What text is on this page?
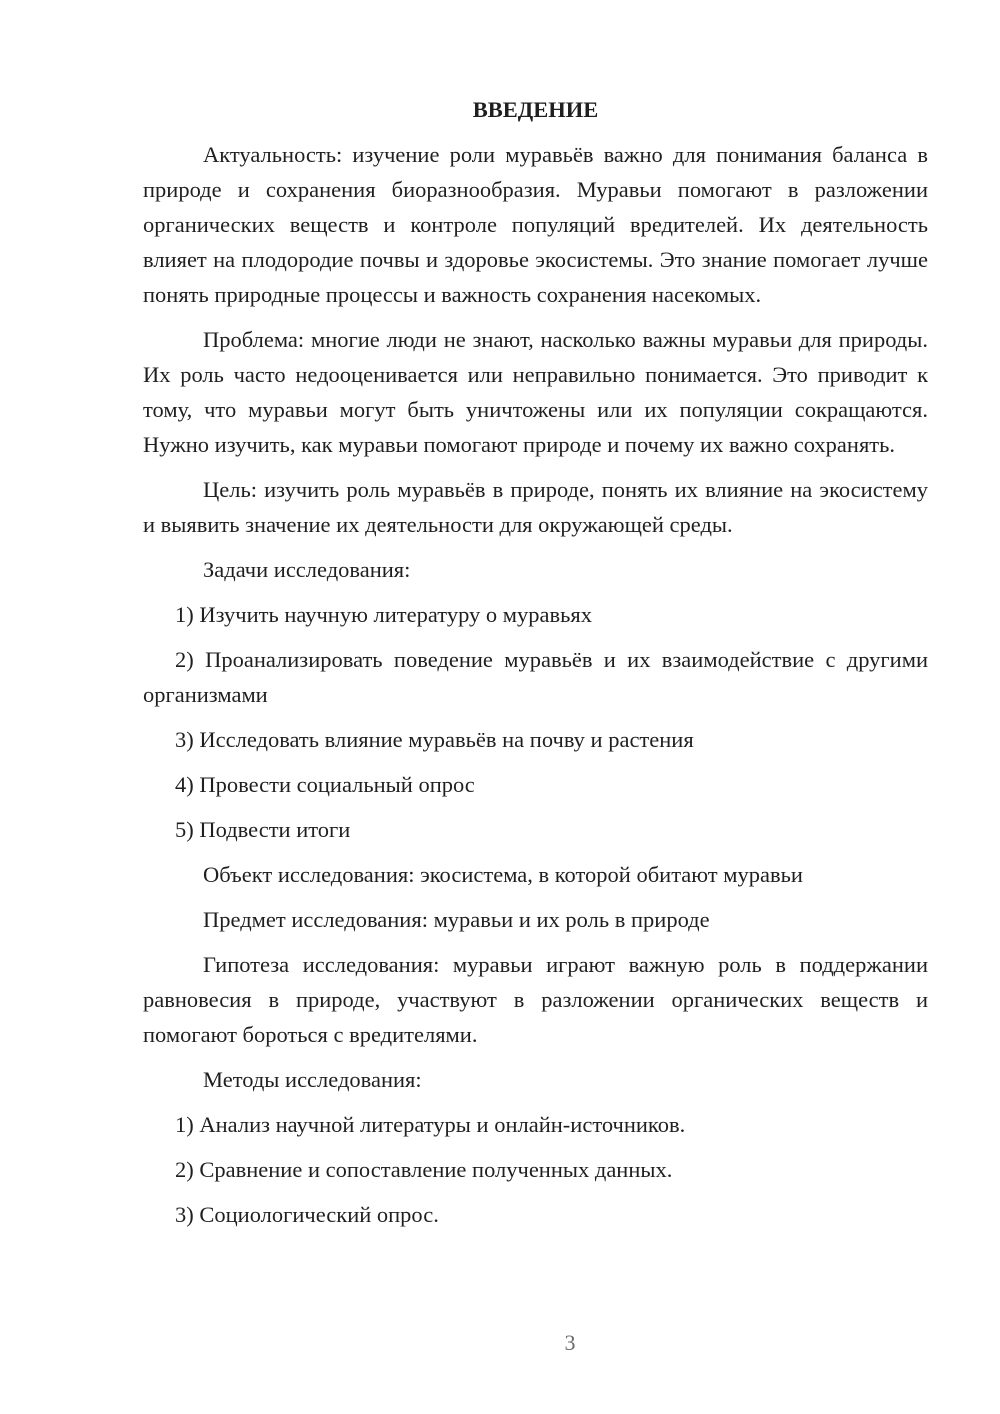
ВВЕДЕНИЕ

Актуальность: изучение роли муравьёв важно для понимания баланса в природе и сохранения биоразнообразия. Муравьи помогают в разложении органических веществ и контроле популяций вредителей. Их деятельность влияет на плодородие почвы и здоровье экосистемы. Это знание помогает лучше понять природные процессы и важность сохранения насекомых.

Проблема: многие люди не знают, насколько важны муравьи для природы. Их роль часто недооценивается или неправильно понимается. Это приводит к тому, что муравьи могут быть уничтожены или их популяции сокращаются. Нужно изучить, как муравьи помогают природе и почему их важно сохранять.

Цель: изучить роль муравьёв в природе, понять их влияние на экосистему и выявить значение их деятельности для окружающей среды.

Задачи исследования:

1) Изучить научную литературу о муравьях

2) Проанализировать поведение муравьёв и их взаимодействие с другими организмами

3) Исследовать влияние муравьёв на почву и растения

4) Провести социальный опрос

5) Подвести итоги

Объект исследования: экосистема, в которой обитают муравьи

Предмет исследования: муравьи и их роль в природе

Гипотеза исследования: муравьи играют важную роль в поддержании равновесия в природе, участвуют в разложении органических веществ и помогают бороться с вредителями.

Методы исследования:

1) Анализ научной литературы и онлайн-источников.

2) Сравнение и сопоставление полученных данных.

3) Социологический опрос.

3
